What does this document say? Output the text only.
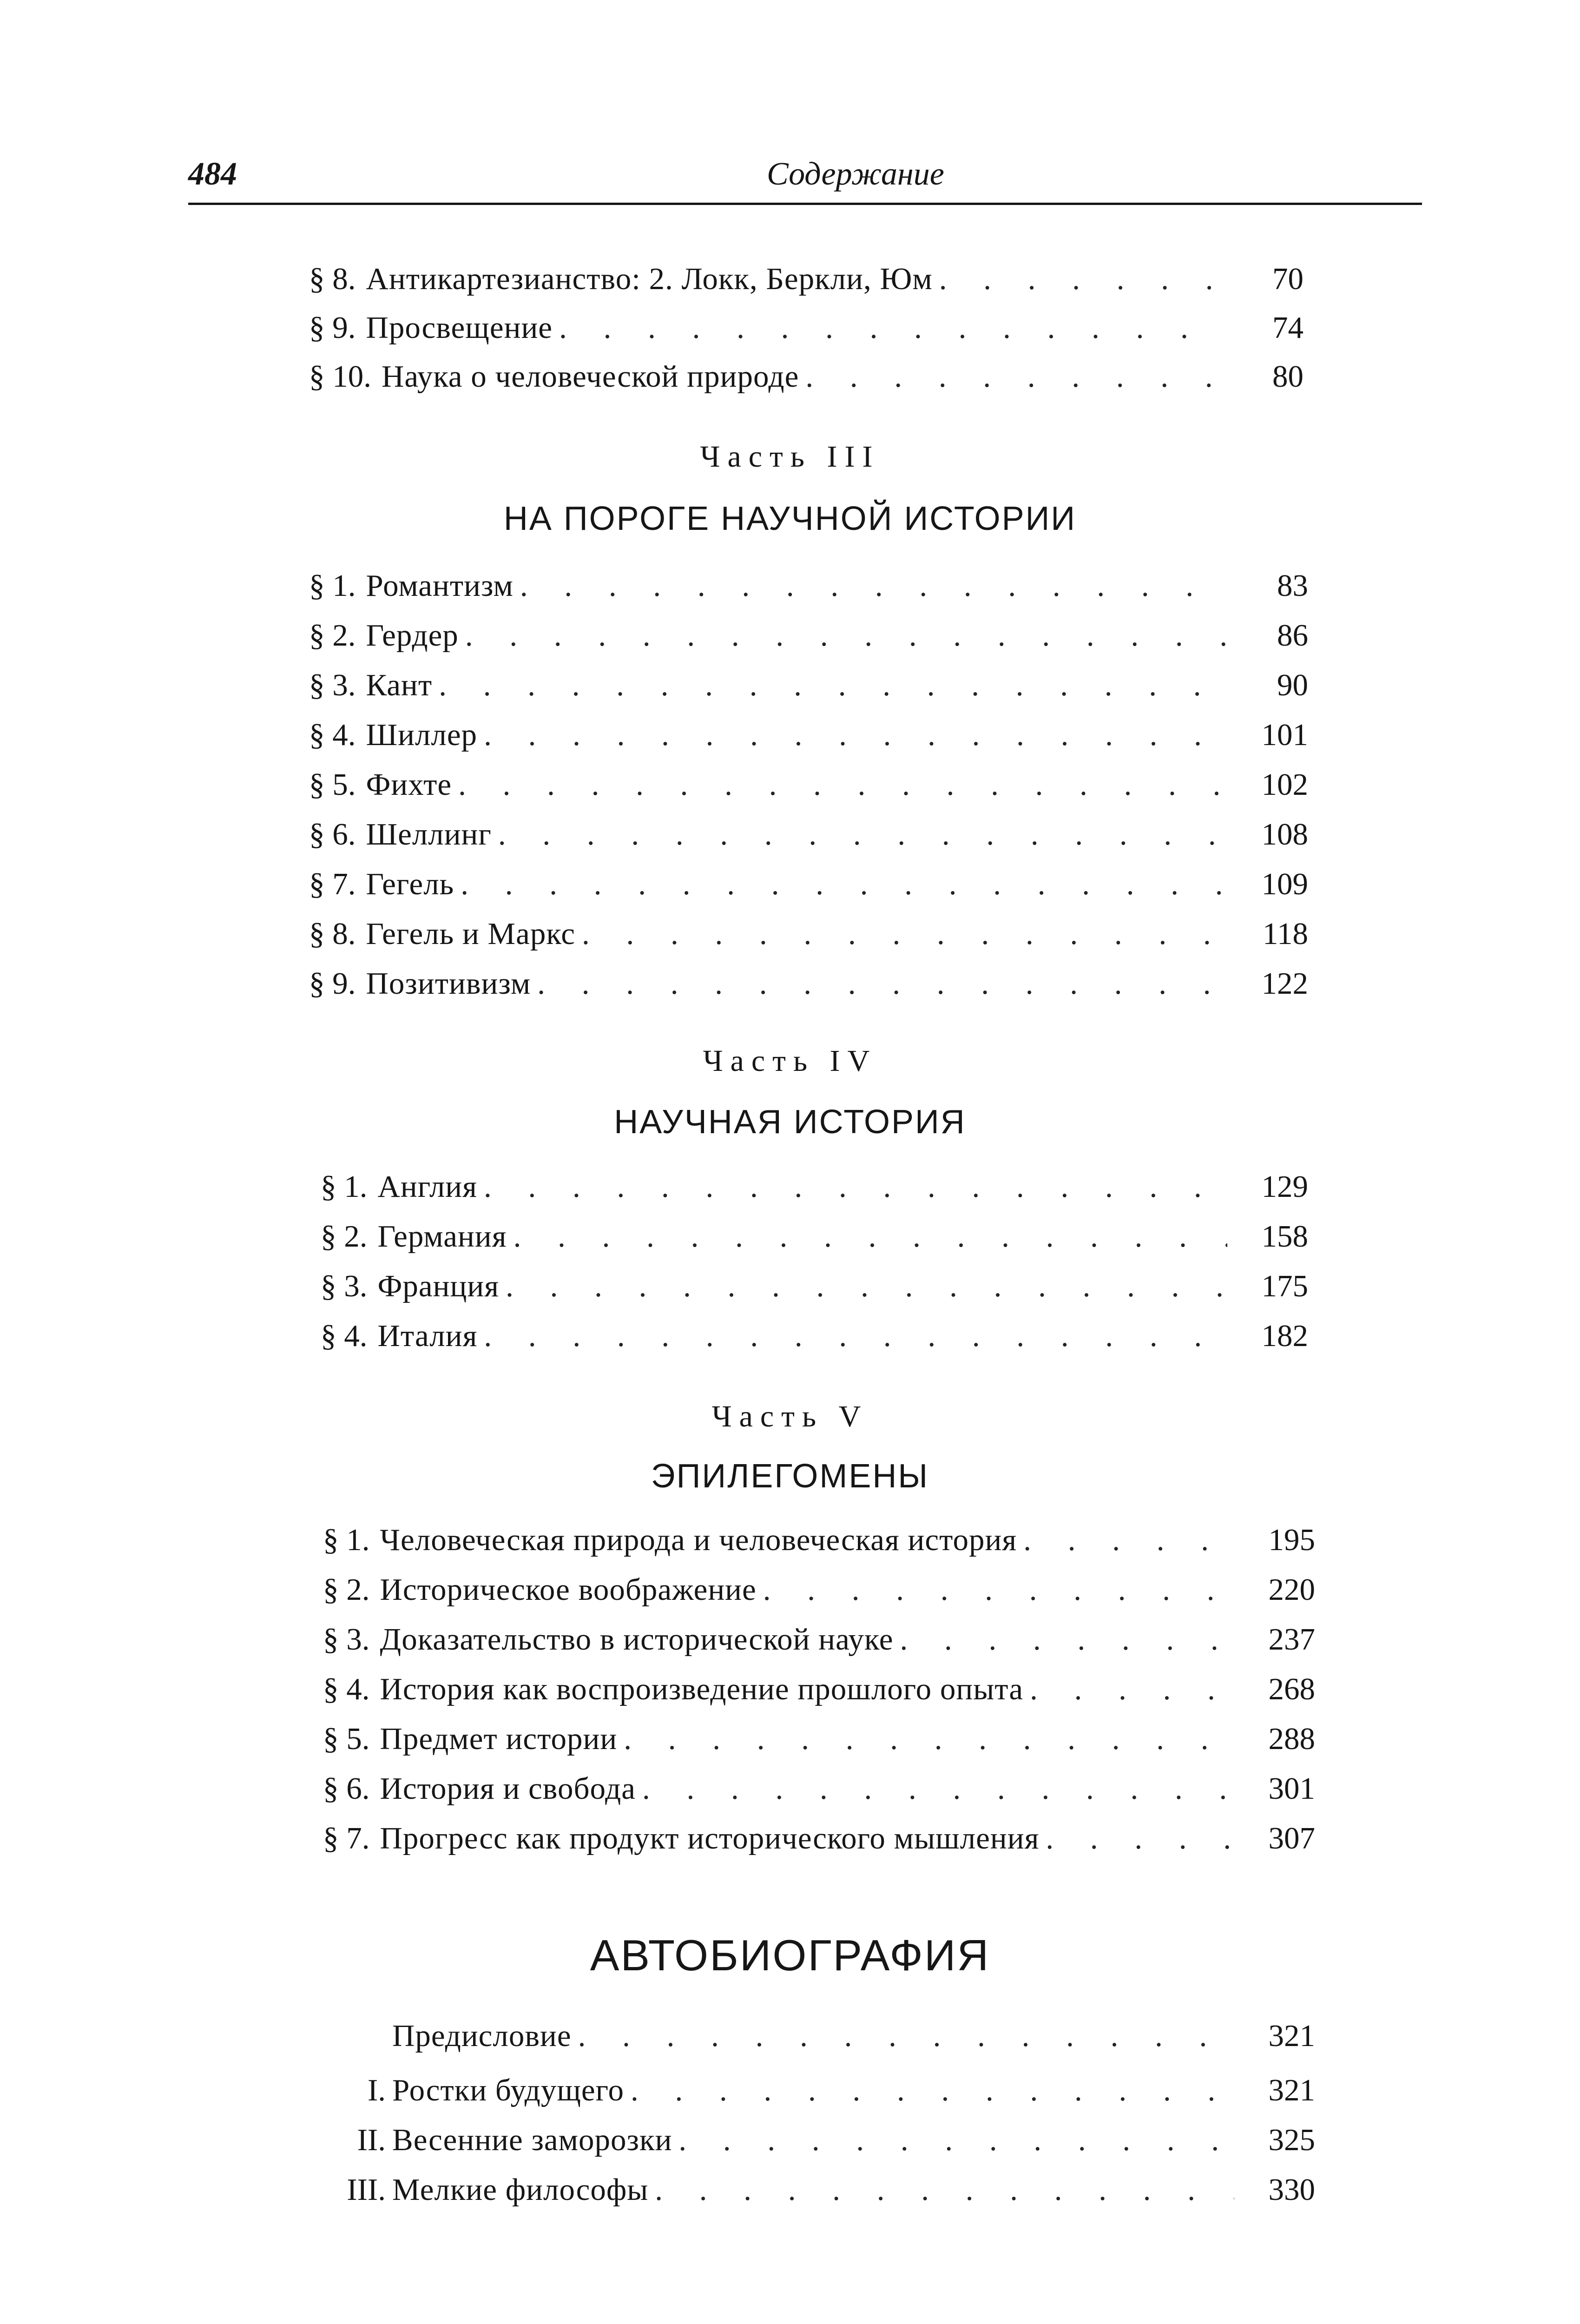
484	Содержание
§ 8. Антикартезианство: 2. Локк, Беркли, Юм . . .	70
§ 9. Просвещение . . .	74
§ 10. Наука о человеческой природе . . .	80
Часть III
НА ПОРОГЕ НАУЧНОЙ ИСТОРИИ
§ 1. Романтизм . . .	83
§ 2. Гердер . . .	86
§ 3. Кант . . .	90
§ 4. Шиллер . . .	101
§ 5. Фихте . . .	102
§ 6. Шеллинг . . .	108
§ 7. Гегель . . .	109
§ 8. Гегель и Маркс . . .	118
§ 9. Позитивизм . . .	122
Часть IV
НАУЧНАЯ ИСТОРИЯ
§ 1. Англия . . .	129
§ 2. Германия . . .	158
§ 3. Франция . . .	175
§ 4. Италия . . .	182
Часть V
ЭПИЛЕГОМЕНЫ
§ 1. Человеческая природа и человеческая история . . .	195
§ 2. Историческое воображение . . .	220
§ 3. Доказательство в исторической науке . . .	237
§ 4. История как воспроизведение прошлого опыта . . .	268
§ 5. Предмет истории . . .	288
§ 6. История и свобода . . .	301
§ 7. Прогресс как продукт исторического мышления . . .	307
АВТОБИОГРАФИЯ
Предисловие . . .	321
I. Ростки будущего . . .	321
II. Весенние заморозки . . .	325
III. Мелкие философы . . .	330
